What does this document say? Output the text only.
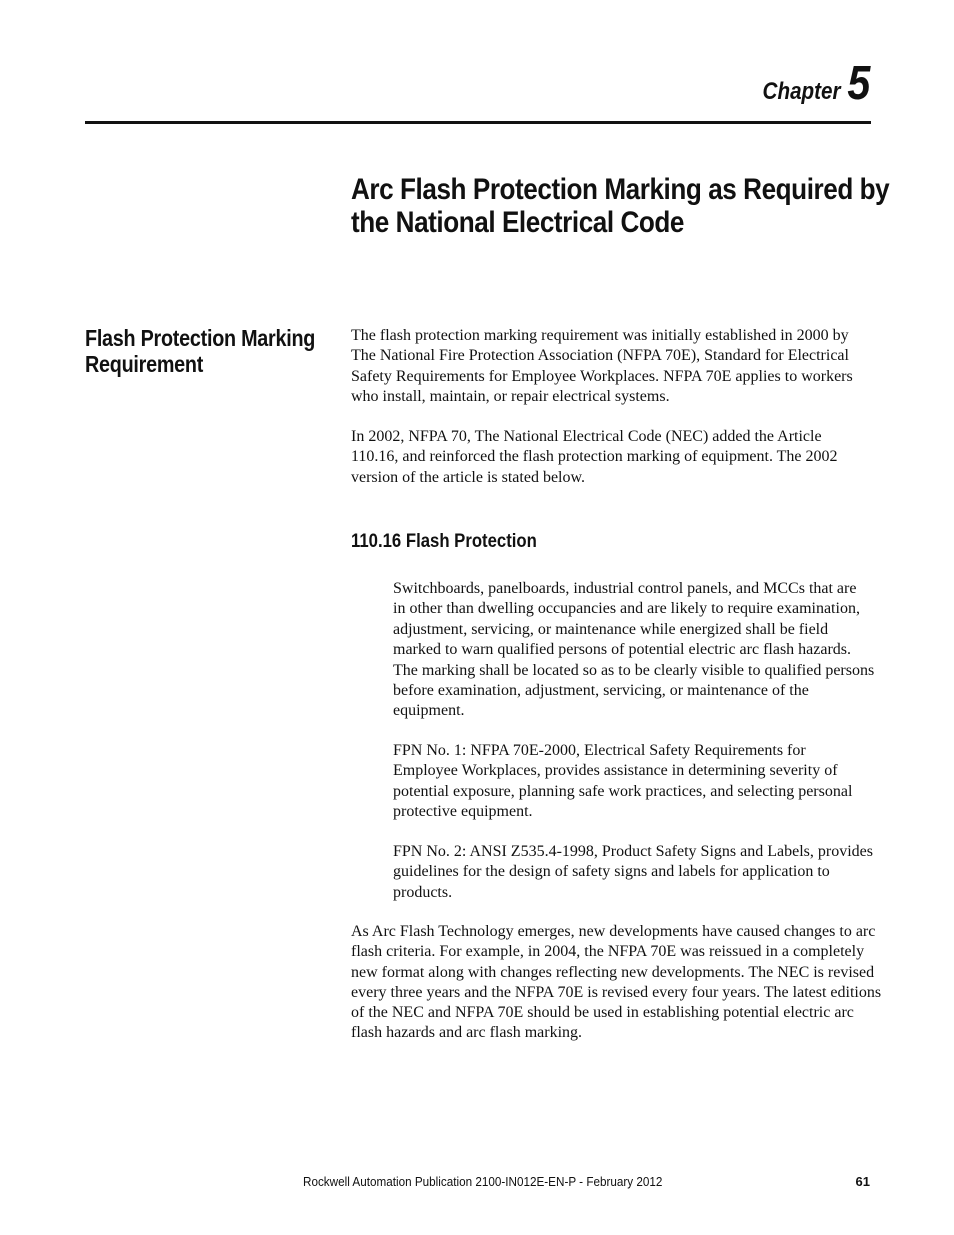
Chapter 5
Arc Flash Protection Marking as Required by
the National Electrical Code
Flash Protection Marking
Requirement

The flash protection marking requirement was initially established in 2000 by
The National Fire Protection Association (NFPA 70E), Standard for Electrical
Safety Requirements for Employee Workplaces. NFPA 70E applies to workers
who install, maintain, or repair electrical systems.

In 2002, NFPA 70, The National Electrical Code (NEC) added the Article
110.16, and reinforced the flash protection marking of equipment. The 2002
version of the article is stated below.

110.16 Flash Protection

Switchboards, panelboards, industrial control panels, and MCCs that are
in other than dwelling occupancies and are likely to require examination,
adjustment, servicing, or maintenance while energized shall be field
marked to warn qualified persons of potential electric arc flash hazards.
The marking shall be located so as to be clearly visible to qualified persons
before examination, adjustment, servicing, or maintenance of the
equipment.

FPN No. 1: NFPA 70E-2000, Electrical Safety Requirements for
Employee Workplaces, provides assistance in determining severity of
potential exposure, planning safe work practices, and selecting personal
protective equipment.

FPN No. 2: ANSI Z535.4-1998, Product Safety Signs and Labels, provides
guidelines for the design of safety signs and labels for application to
products.

As Arc Flash Technology emerges, new developments have caused changes to arc
flash criteria. For example, in 2004, the NFPA 70E was reissued in a completely
new format along with changes reflecting new developments. The NEC is revised
every three years and the NFPA 70E is revised every four years. The latest editions
of the NEC and NFPA 70E should be used in establishing potential electric arc
flash hazards and arc flash marking.

Rockwell Automation Publication 2100-IN012E-EN-P - February 2012	61
